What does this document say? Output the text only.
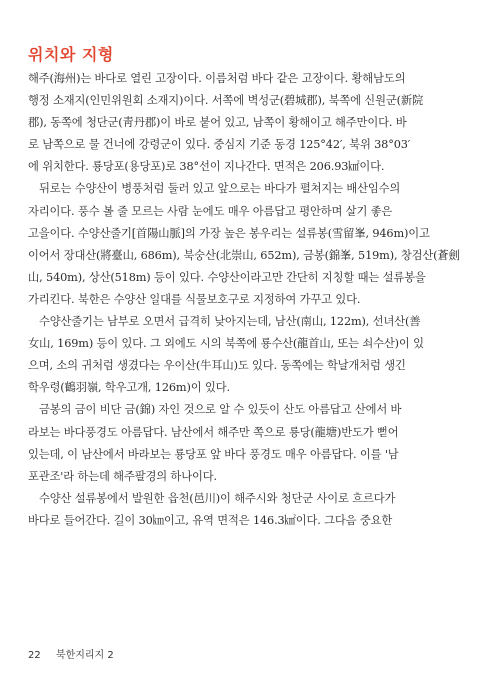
위치와 지형
해주(海州)는 바다로 열린 고장이다. 이름처럼 바다 같은 고장이다. 황해남도의
행정 소재지(인민위원회 소재지)이다. 서쪽에 벽성군(碧城郡), 북쪽에 신원군(新院
郡), 동쪽에 청단군(靑丹郡)이 바로 붙어 있고, 남쪽이 황해이고 해주만이다. 바
로 남쪽으로 물 건너에 강령군이 있다. 중심지 기준 동경 125°42′, 북위 38°03′
에 위치한다. 룡당포(용당포)로 38°선이 지나간다. 면적은 206.93㎢이다.
뒤로는 수양산이 병풍처럼 둘러 있고 앞으로는 바다가 펼쳐지는 배산임수의
자리이다. 풍수 볼 줄 모르는 사람 눈에도 매우 아름답고 평안하며 살기 좋은
고을이다. 수양산줄기[首陽山脈]의 가장 높은 봉우리는 설류봉(雪留峯, 946m)이고
이어서 장대산(將臺山, 686m), 북숭산(北崇山, 652m), 금봉(錦峯, 519m), 창검산(蒼劍
山, 540m), 상산(518m) 등이 있다. 수양산이라고만 간단히 지칭할 때는 설류봉을
가리킨다. 북한은 수양산 일대를 식물보호구로 지정하여 가꾸고 있다.
수양산줄기는 남부로 오면서 급격히 낮아지는데, 남산(南山, 122m), 선녀산(善
女山, 169m) 등이 있다. 그 외에도 시의 북쪽에 룡수산(龍首山, 또는 쇠수산)이 있
으며, 소의 귀처럼 생겼다는 우이산(牛耳山)도 있다. 동쪽에는 학날개처럼 생긴
학우령(鶴羽嶺, 학우고개, 126m)이 있다.
금봉의 금이 비단 금(錦) 자인 것으로 알 수 있듯이 산도 아름답고 산에서 바
라보는 바다풍경도 아름답다. 남산에서 해주만 쪽으로 룡당(龍塘)반도가 뻗어
있는데, 이 남산에서 바라보는 룡당포 앞 바다 풍경도 매우 아름답다. 이를 '남
포관조'라 하는데 해주팔경의 하나이다.
수양산 설류봉에서 발원한 읍천(邑川)이 해주시와 청단군 사이로 흐르다가
바다로 들어간다. 길이 30㎞이고, 유역 면적은 146.3㎢이다. 그다음 중요한
22 북한지리지 2
